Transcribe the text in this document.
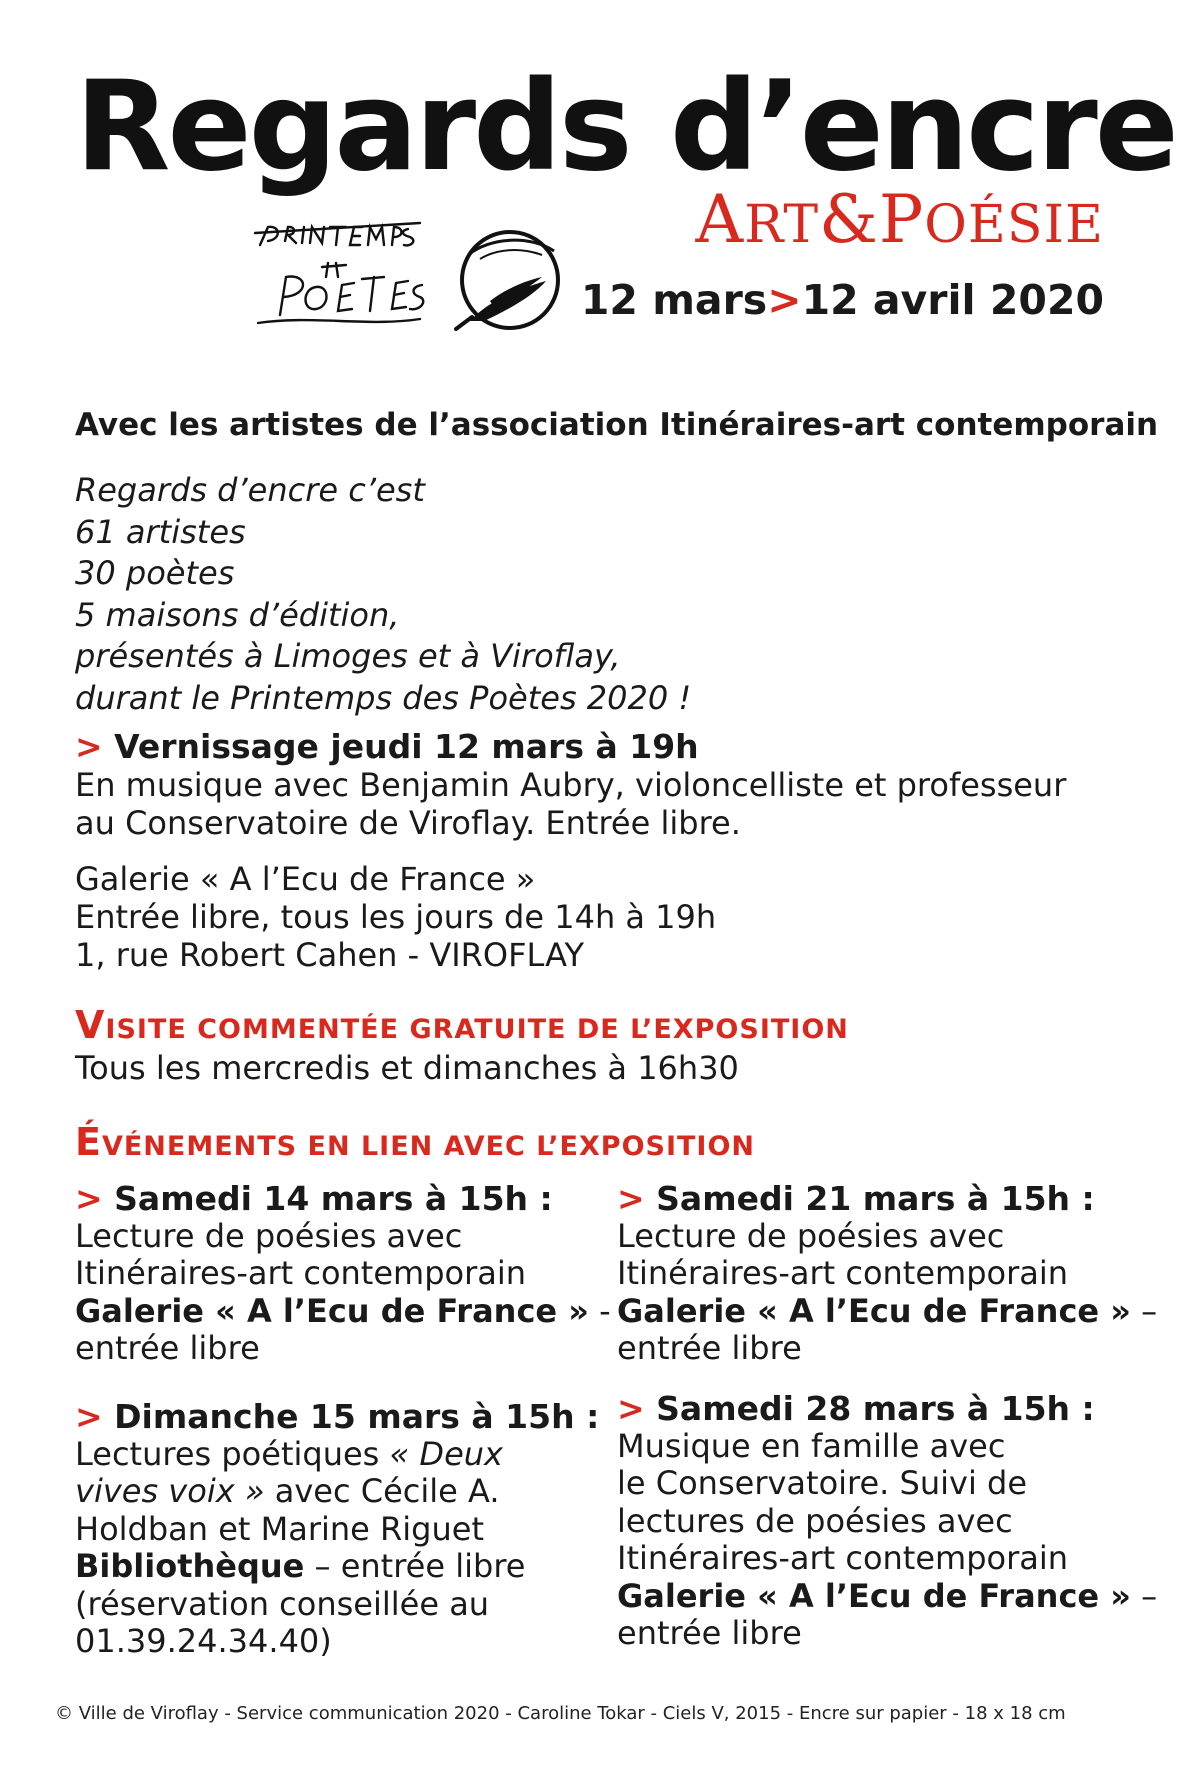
Regards d’encre
ART&POÉSIE
12 mars>12 avril 2020
Avec les artistes de l’association Itinéraires-art contemporain
Regards d’encre c’est
61 artistes
30 poètes
5 maisons d’édition,
présentés à Limoges et à Viroflay,
durant le Printemps des Poètes 2020 !
> Vernissage jeudi 12 mars à 19h
En musique avec Benjamin Aubry, violoncelliste et professeur
au Conservatoire de Viroflay. Entrée libre.
Galerie « A l’Ecu de France »
Entrée libre, tous les jours de 14h à 19h
1, rue Robert Cahen - VIROFLAY
VISITE COMMENTÉE GRATUITE DE L’EXPOSITION
Tous les mercredis et dimanches à 16h30
ÉVÉNEMENTS EN LIEN AVEC L’EXPOSITION
> Samedi 14 mars à 15h :
Lecture de poésies avec
Itinéraires-art contemporain
Galerie « A l’Ecu de France » -
entrée libre
> Dimanche 15 mars à 15h :
Lectures poétiques « Deux
vives voix » avec Cécile A.
Holdban et Marine Riguet
Bibliothèque – entrée libre
(réservation conseillée au
01.39.24.34.40)
> Samedi 21 mars à 15h :
Lecture de poésies avec
Itinéraires-art contemporain
Galerie « A l’Ecu de France » –
entrée libre
> Samedi 28 mars à 15h :
Musique en famille avec
le Conservatoire. Suivi de
lectures de poésies avec
Itinéraires-art contemporain
Galerie « A l’Ecu de France » –
entrée libre
© Ville de Viroflay - Service communication 2020 - Caroline Tokar - Ciels V, 2015 - Encre sur papier - 18 x 18 cm
